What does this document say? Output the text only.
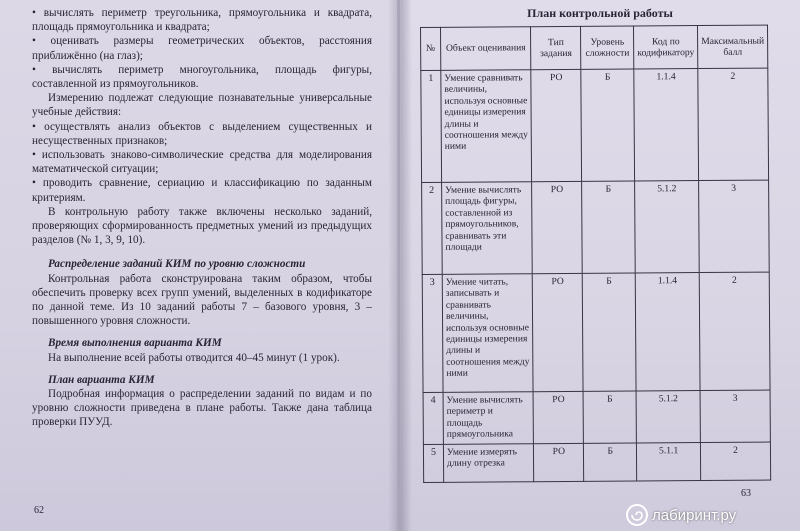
• вычислять периметр треугольника, прямоугольника и квадрата, площадь прямоугольника и квадрата;

• оценивать размеры геометрических объектов, расстояния приближённо (на глаз);

• вычислять периметр многоугольника, площадь фигуры, составленной из прямоугольников.

Измерению подлежат следующие познавательные универсальные учебные действия:

• осуществлять анализ объектов с выделением существенных и несущественных признаков;

• использовать знаково-символические средства для моделирования математической ситуации;

• проводить сравнение, сериацию и классификацию по заданным критериям.

В контрольную работу также включены несколько заданий, проверяющих сформированность предметных умений из предыдущих разделов (№ 1, 3, 9, 10).

Распределение заданий КИМ по уровню сложности

Контрольная работа сконструирована таким образом, чтобы обеспечить проверку всех групп умений, выделенных в кодификаторе по данной теме. Из 10 заданий работы 7 – базового уровня, 3 – повышенного уровня сложности.

Время выполнения варианта КИМ

На выполнение всей работы отводится 40–45 минут (1 урок).

План варианта КИМ

Подробная информация о распределении заданий по видам и по уровню сложности приведена в плане работы. Также дана таблица проверки ПУУД.

62
План контрольной работы
№	Объект оценивания	Тип задания	Уровень сложности	Код по кодификатору	Максимальный балл
1	Умение сравнивать величины, используя основные единицы измерения длины и соотношения между ними	РО	Б	1.1.4	2
2	Умение вычислять площадь фигуры, составленной из прямоугольников, сравнивать эти площади	РО	Б	5.1.2	3
3	Умение читать, записывать и сравнивать величины, используя основные единицы измерения длины и соотношения между ними	РО	Б	1.1.4	2
4	Умение вычислять периметр и площадь прямоугольника	РО	Б	5.1.2	3
5	Умение измерять длину отрезка	РО	Б	5.1.1	2
63
лабиринт.ру
